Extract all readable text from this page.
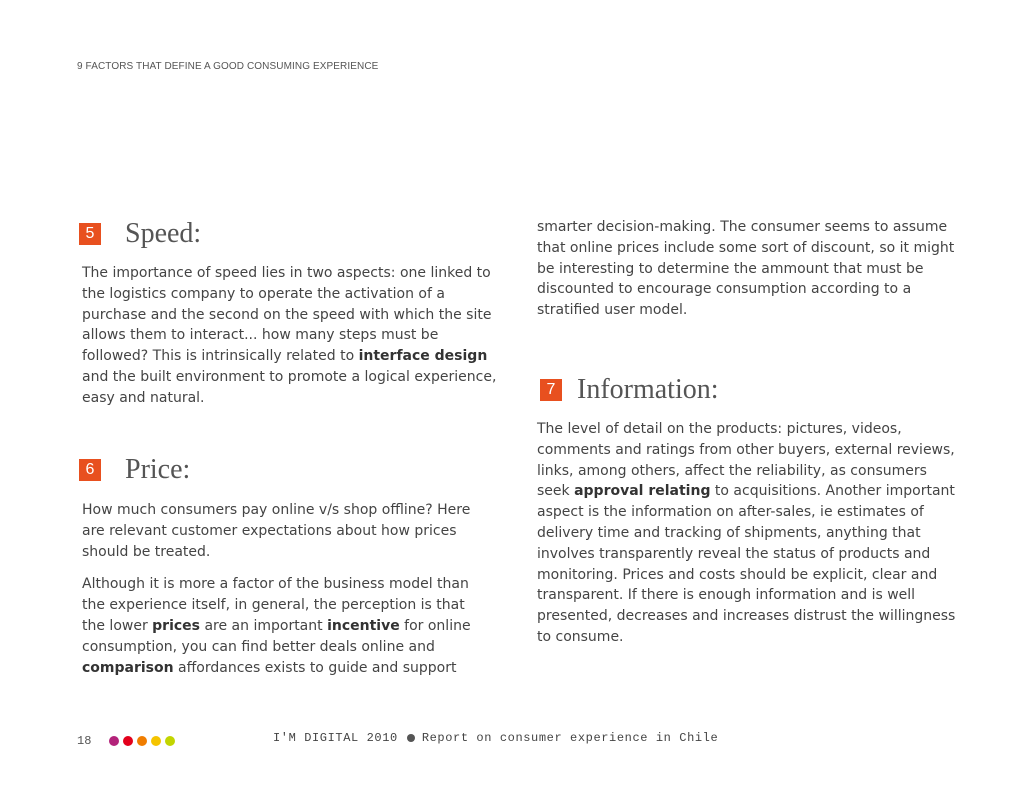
9 FACTORS THAT DEFINE A GOOD CONSUMING EXPERIENCE
5 Speed:

The importance of speed lies in two aspects: one linked to the logistics company to operate the activation of a purchase and the second on the speed with which the site allows them to interact... how many steps must be followed? This is intrinsically related to interface design and the built environment to promote a logical experience, easy and natural.

6 Price:

How much consumers pay online v/s shop offline? Here are relevant customer expectations about how prices should be treated.

Although it is more a factor of the business model than the experience itself, in general, the perception is that the lower prices are an important incentive for online consumption, you can find better deals online and comparison affordances exists to guide and support

smarter decision-making. The consumer seems to assume that online prices include some sort of discount, so it might be interesting to determine the ammount that must be discounted to encourage consumption according to a stratified user model.

7 Information:

The level of detail on the products: pictures, videos, comments and ratings from other buyers, external reviews, links, among others, affect the reliability, as consumers seek approval relating to acquisitions. Another important aspect is the information on after-sales, ie estimates of delivery time and tracking of shipments, anything that involves transparently reveal the status of products and monitoring. Prices and costs should be explicit, clear and transparent. If there is enough information and is well presented, decreases and increases distrust the willingness to consume.

18	I'M DIGITAL 2010 Report on consumer experience in Chile
